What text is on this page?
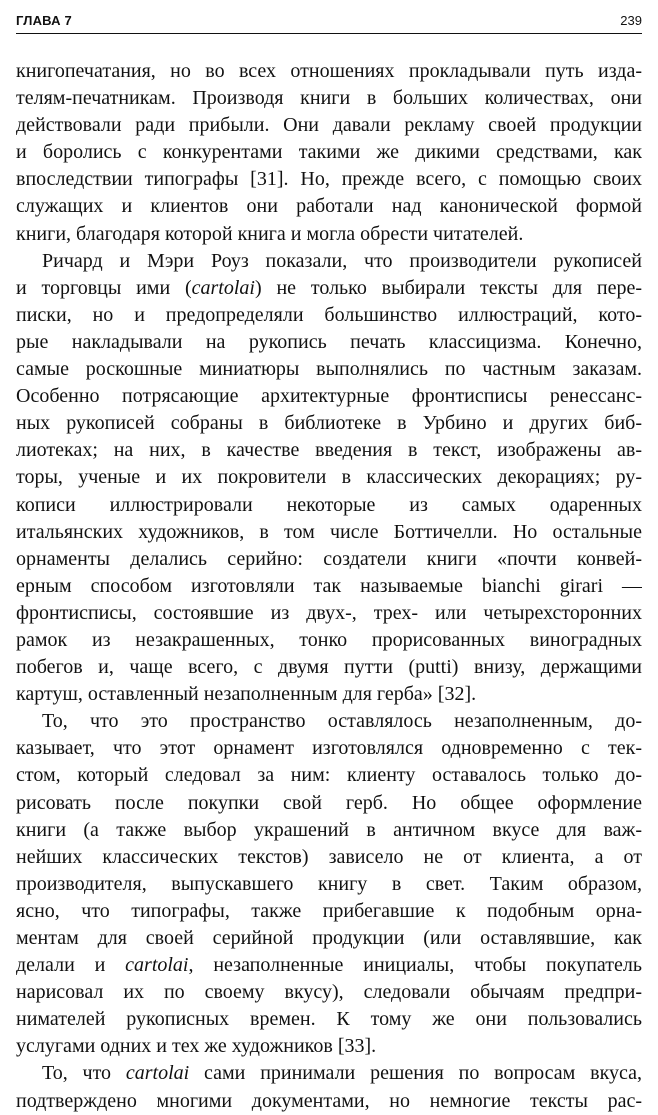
ГЛАВА 7	239
книгопечатания, но во всех отношениях прокладывали путь изда-
телям-печатникам. Производя книги в больших количествах, они
действовали ради прибыли. Они давали рекламу своей продукции
и боролись с конкурентами такими же дикими средствами, как
впоследствии типографы [31]. Но, прежде всего, с помощью своих
служащих и клиентов они работали над канонической формой
книги, благодаря которой книга и могла обрести читателей.
Ричард и Мэри Роуз показали, что производители рукописей
и торговцы ими (cartolai) не только выбирали тексты для пере-
писки, но и предопределяли большинство иллюстраций, кото-
рые накладывали на рукопись печать классицизма. Конечно,
самые роскошные миниатюры выполнялись по частным заказам.
Особенно потрясающие архитектурные фронтисписы ренессанс-
ных рукописей собраны в библиотеке в Урбино и других биб-
лиотеках; на них, в качестве введения в текст, изображены ав-
торы, ученые и их покровители в классических декорациях; ру-
кописи иллюстрировали некоторые из самых одаренных
итальянских художников, в том числе Боттичелли. Но остальные
орнаменты делались серийно: создатели книги «почти конвей-
ерным способом изготовляли так называемые bianchi girari —
фронтисписы, состоявшие из двух-, трех- или четырехсторонних
рамок из незакрашенных, тонко прорисованных виноградных
побегов и, чаще всего, с двумя путти (putti) внизу, держащими
картуш, оставленный незаполненным для герба» [32].
То, что это пространство оставлялось незаполненным, до-
казывает, что этот орнамент изготовлялся одновременно с тек-
стом, который следовал за ним: клиенту оставалось только до-
рисовать после покупки свой герб. Но общее оформление
книги (а также выбор украшений в античном вкусе для важ-
нейших классических текстов) зависело не от клиента, а от
производителя, выпускавшего книгу в свет. Таким образом,
ясно, что типографы, также прибегавшие к подобным орна-
ментам для своей серийной продукции (или оставлявшие, как
делали и cartolai, незаполненные инициалы, чтобы покупатель
нарисовал их по своему вкусу), следовали обычаям предпри-
нимателей рукописных времен. К тому же они пользовались
услугами одних и тех же художников [33].
То, что cartolai сами принимали решения по вопросам вкуса,
подтверждено многими документами, но немногие тексты рас-
